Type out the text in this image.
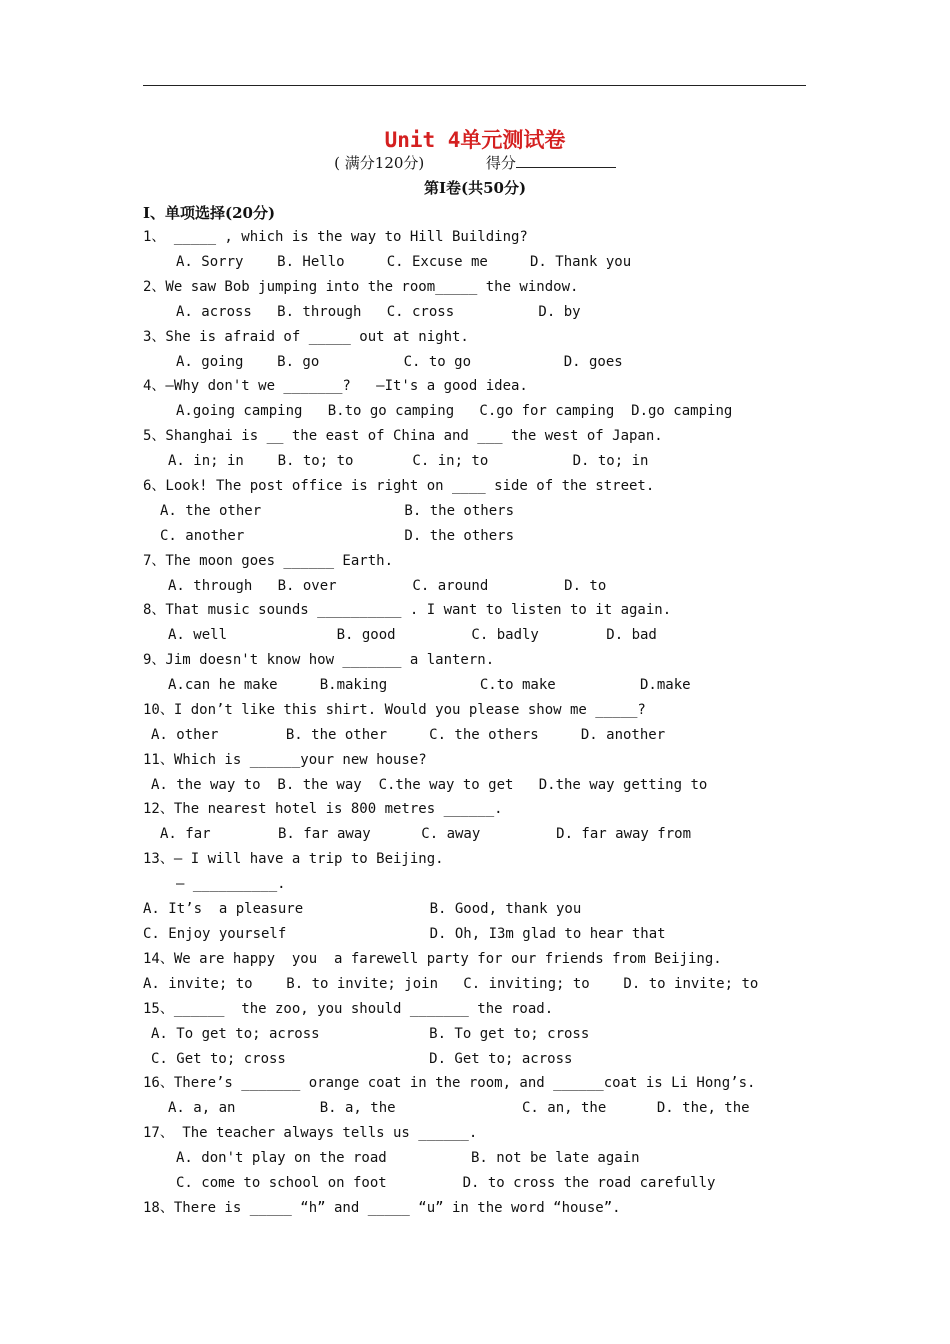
Unit 4单元测试卷
( 满分120分)	得分
第Ⅰ卷(共50分)
Ⅰ、单项选择(20分)
1、 _____ , which is the way to Hill Building?
A. Sorry    B. Hello     C. Excuse me     D. Thank you
2、We saw Bob jumping into the room_____ the window.
A. across   B. through   C. cross          D. by
3、She is afraid of _____ out at night.
A. going    B. go          C. to go           D. goes
4、—Why don't we _______?   —It's a good idea.
A.going camping   B.to go camping   C.go for camping  D.go camping
5、Shanghai is __ the east of China and ___ the west of Japan.
A. in; in    B. to; to       C. in; to          D. to; in
6、Look! The post office is right on ____ side of the street.
A. the other                 B. the others
C. another                   D. the others
7、The moon goes ______ Earth.
A. through   B. over         C. around         D. to
8、That music sounds __________ . I want to listen to it again.
A. well             B. good         C. badly        D. bad
9、Jim doesn't know how _______ a lantern.
A.can he make     B.making           C.to make          D.make
10、I don’t like this shirt. Would you please show me _____?
A. other        B. the other     C. the others     D. another
11、Which is ______your new house?
A. the way to  B. the way  C.the way to get   D.the way getting to
12、The nearest hotel is 800 metres ______.
A. far        B. far away      C. away         D. far away from
13、— I will have a trip to Beijing.
— __________.
A. It’s  a pleasure               B. Good, thank you
C. Enjoy yourself                 D. Oh, I3m glad to hear that
14、We are happy  you  a farewell party for our friends from Beijing.
A. invite; to    B. to invite; join   C. inviting; to    D. to invite; to
15、______  the zoo, you should _______ the road.
A. To get to; across             B. To get to; cross
C. Get to; cross                 D. Get to; across
16、There’s _______ orange coat in the room, and ______coat is Li Hong’s.
A. a, an          B. a, the               C. an, the      D. the, the
17、 The teacher always tells us ______.
A. don't play on the road          B. not be late again
C. come to school on foot         D. to cross the road carefully
18、There is _____ “h” and _____ “u” in the word “house”.
